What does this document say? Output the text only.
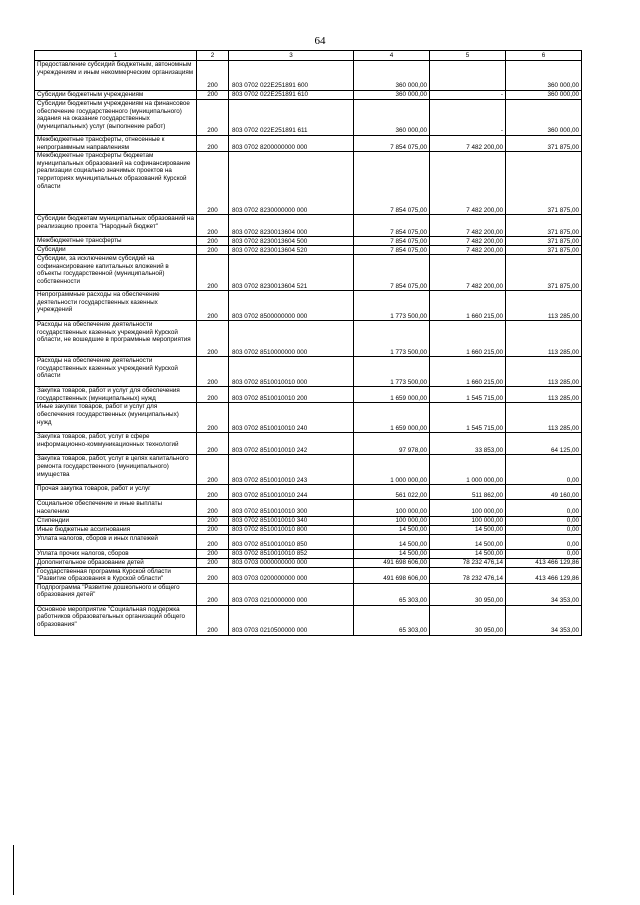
64
1	2	3	4	5	6
Предоставление субсидий бюджетным, автономным учреждениям и иным некоммерческим организациям	200	803 0702 022E251891 600	360 000,00		360 000,00
Субсидии бюджетным учреждениям	200	803 0702 022E251891 610	360 000,00	-	360 000,00
Субсидии бюджетным учреждениям на финансовое обеспечение государственного (муниципального) задания на оказание государственных (муниципальных) услуг (выполнение работ)	200	803 0702 022E251891 611	360 000,00	-	360 000,00
Межбюджетные трансферты, отнесенные к непрограммным направлениям	200	803 0702 8200000000 000	7 854 075,00	7 482 200,00	371 875,00
Межбюджетные трансферты бюджетам муниципальных образований на софинансирование реализации социально значимых проектов на территориях муниципальных образований Курской области	200	803 0702 8230000000 000	7 854 075,00	7 482 200,00	371 875,00
Субсидии бюджетам муниципальных образований на реализацию проекта "Народный бюджет"	200	803 0702 8230013604 000	7 854 075,00	7 482 200,00	371 875,00
Межбюджетные трансферты	200	803 0702 8230013604 500	7 854 075,00	7 482 200,00	371 875,00
Субсидии	200	803 0702 8230013604 520	7 854 075,00	7 482 200,00	371 875,00
Субсидии, за исключением субсидий на софинансирование капитальных вложений в объекты государственной (муниципальной) собственности	200	803 0702 8230013604 521	7 854 075,00	7 482 200,00	371 875,00
Непрограммные расходы на обеспечение деятельности государственных казенных учреждений	200	803 0702 8500000000 000	1 773 500,00	1 660 215,00	113 285,00
Расходы на обеспечение деятельности государственных казенных учреждений Курской области, не вошедшие в программные мероприятия	200	803 0702 8510000000 000	1 773 500,00	1 660 215,00	113 285,00
Расходы на обеспечение деятельности государственных казенных учреждений Курской области	200	803 0702 8510010010 000	1 773 500,00	1 660 215,00	113 285,00
Закупка товаров, работ и услуг для обеспечения государственных (муниципальных) нужд	200	803 0702 8510010010 200	1 659 000,00	1 545 715,00	113 285,00
Иные закупки товаров, работ и услуг для обеспечения государственных (муниципальных) нужд	200	803 0702 8510010010 240	1 659 000,00	1 545 715,00	113 285,00
Закупка товаров, работ, услуг в сфере информационно-коммуникационных технологий	200	803 0702 8510010010 242	97 978,00	33 853,00	64 125,00
Закупка товаров, работ, услуг в целях капитального ремонта государственного (муниципального) имущества	200	803 0702 8510010010 243	1 000 000,00	1 000 000,00	0,00
Прочая закупка товаров, работ и услуг	200	803 0702 8510010010 244	561 022,00	511 862,00	49 160,00
Социальное обеспечение и иные выплаты населению	200	803 0702 8510010010 300	100 000,00	100 000,00	0,00
Стипендии	200	803 0702 8510010010 340	100 000,00	100 000,00	0,00
Иные бюджетные ассигнования	200	803 0702 8510010010 800	14 500,00	14 500,00	0,00
Уплата налогов, сборов и иных платежей	200	803 0702 8510010010 850	14 500,00	14 500,00	0,00
Уплата прочих налогов, сборов	200	803 0702 8510010010 852	14 500,00	14 500,00	0,00
Дополнительное образование детей	200	803 0703 0000000000 000	491 698 606,00	78 232 476,14	413 466 129,86
Государственная программа Курской области "Развитие образования в Курской области"	200	803 0703 0200000000 000	491 698 606,00	78 232 476,14	413 466 129,86
Подпрограмма "Развитие дошкольного и общего образования детей"	200	803 0703 0210000000 000	65 303,00	30 950,00	34 353,00
Основное мероприятие "Социальная поддержка работников образовательных организаций общего образования"	200	803 0703 0210500000 000	65 303,00	30 950,00	34 353,00
